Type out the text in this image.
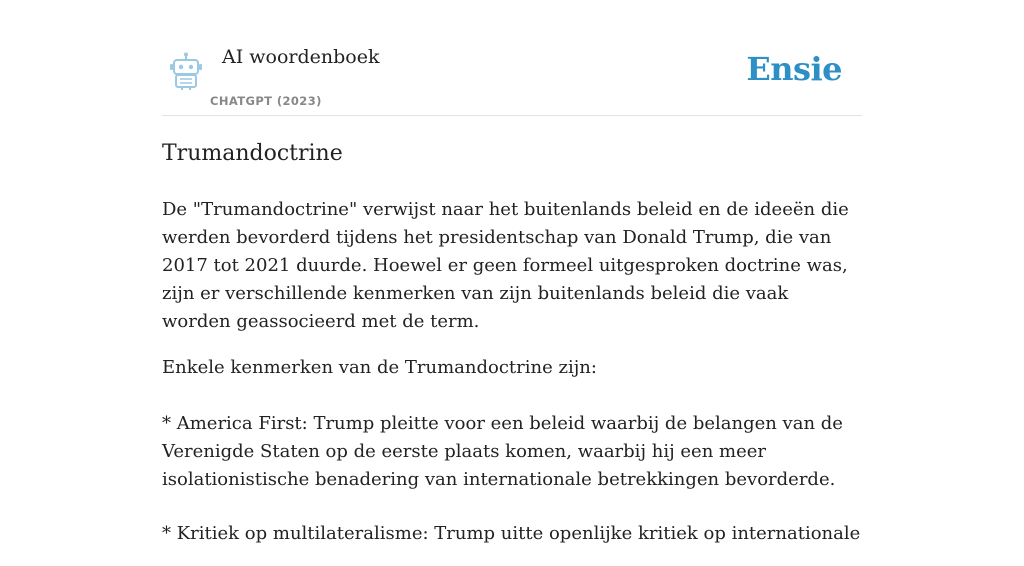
AI woordenboek
CHATGPT (2023)
Ensie
Trumandoctrine

De "Trumandoctrine" verwijst naar het buitenlands beleid en de ideeën die werden bevorderd tijdens het presidentschap van Donald Trump, die van 2017 tot 2021 duurde. Hoewel er geen formeel uitgesproken doctrine was, zijn er verschillende kenmerken van zijn buitenlands beleid die vaak worden geassocieerd met de term.

Enkele kenmerken van de Trumandoctrine zijn:

* America First: Trump pleitte voor een beleid waarbij de belangen van de Verenigde Staten op de eerste plaats komen, waarbij hij een meer isolationistische benadering van internationale betrekkingen bevorderde.

* Kritiek op multilateralisme: Trump uitte openlijke kritiek op internationale
